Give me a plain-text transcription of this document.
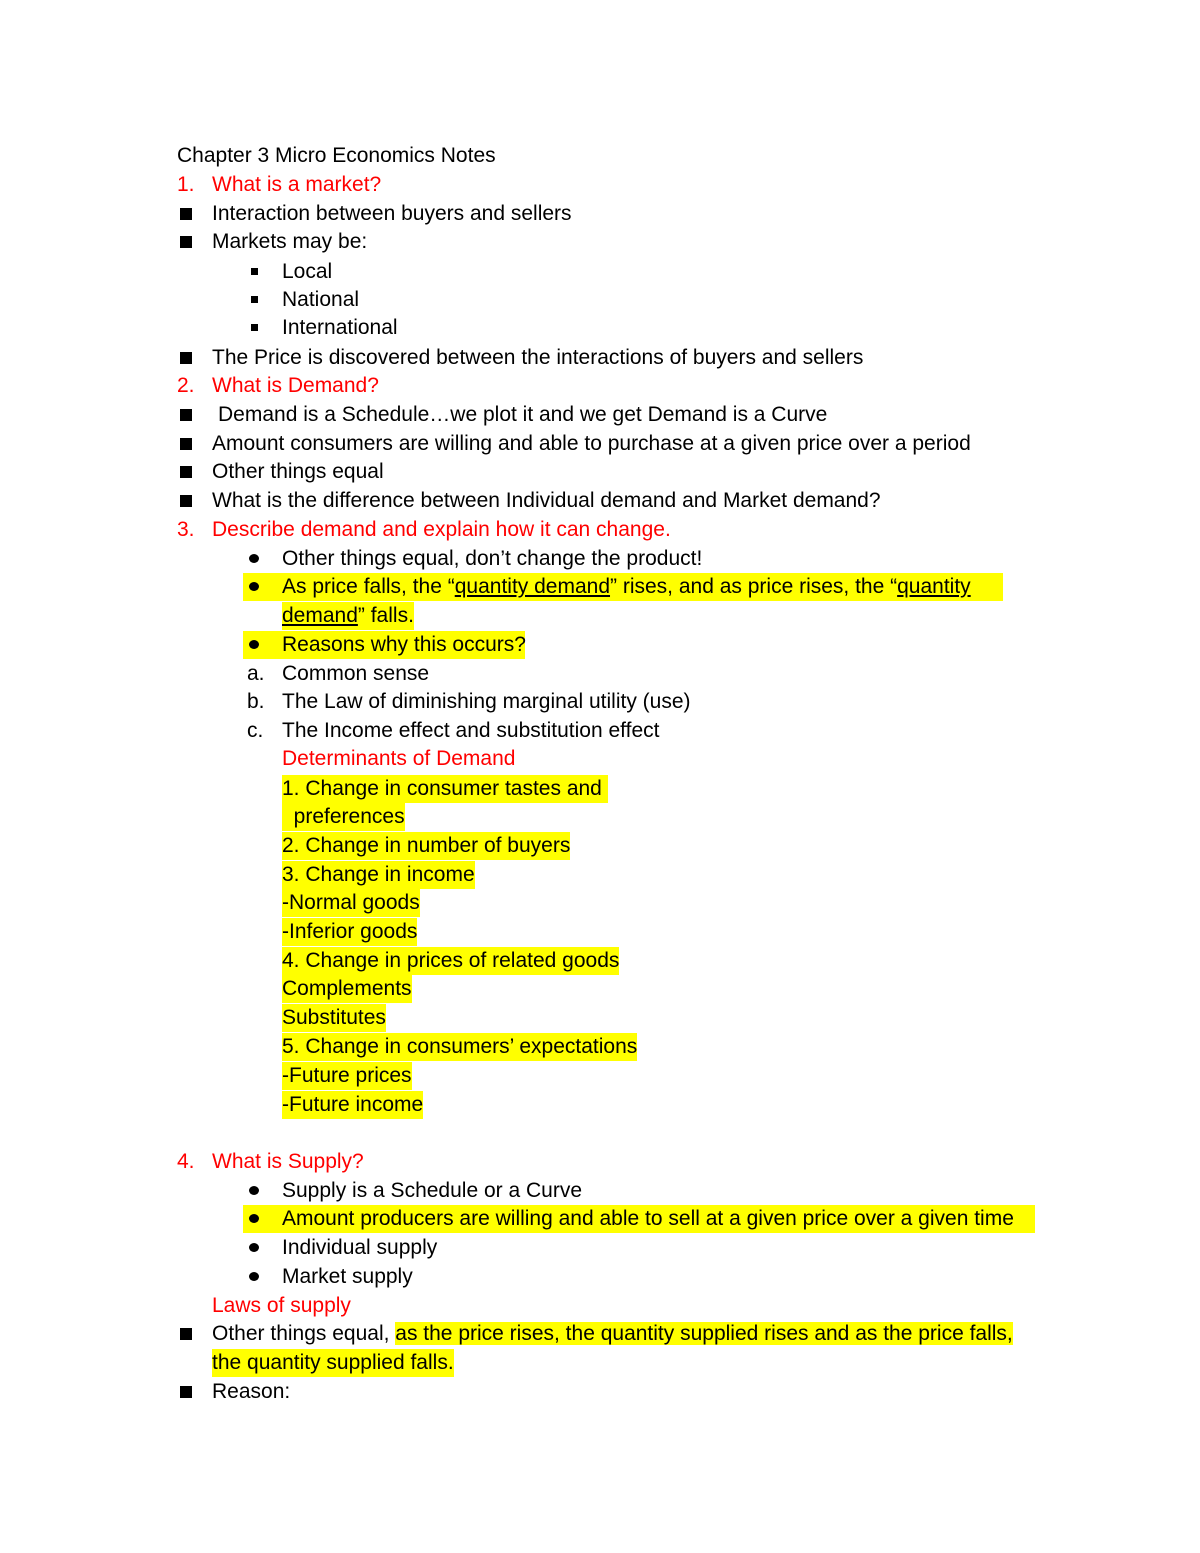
Chapter 3 Micro Economics Notes
1. What is a market?
Interaction between buyers and sellers
Markets may be:
Local
National
International
The Price is discovered between the interactions of buyers and sellers
2. What is Demand?
Demand is a Schedule…we plot it and we get Demand is a Curve
Amount consumers are willing and able to purchase at a given price over a period
Other things equal
What is the difference between Individual demand and Market demand?
3. Describe demand and explain how it can change.
Other things equal, don’t change the product!
As price falls, the “quantity demand” rises, and as price rises, the “quantity
demand” falls.
Reasons why this occurs?
a. Common sense
b. The Law of diminishing marginal utility (use)
c. The Income effect and substitution effect
Determinants of Demand
1. Change in consumer tastes and
preferences
2. Change in number of buyers
3. Change in income
-Normal goods
-Inferior goods
4. Change in prices of related goods
Complements
Substitutes
5. Change in consumers’ expectations
-Future prices
-Future income
4. What is Supply?
Supply is a Schedule or a Curve
Amount producers are willing and able to sell at a given price over a given time
Individual supply
Market supply
Laws of supply
Other things equal, as the price rises, the quantity supplied rises and as the price falls,
the quantity supplied falls.
Reason:
